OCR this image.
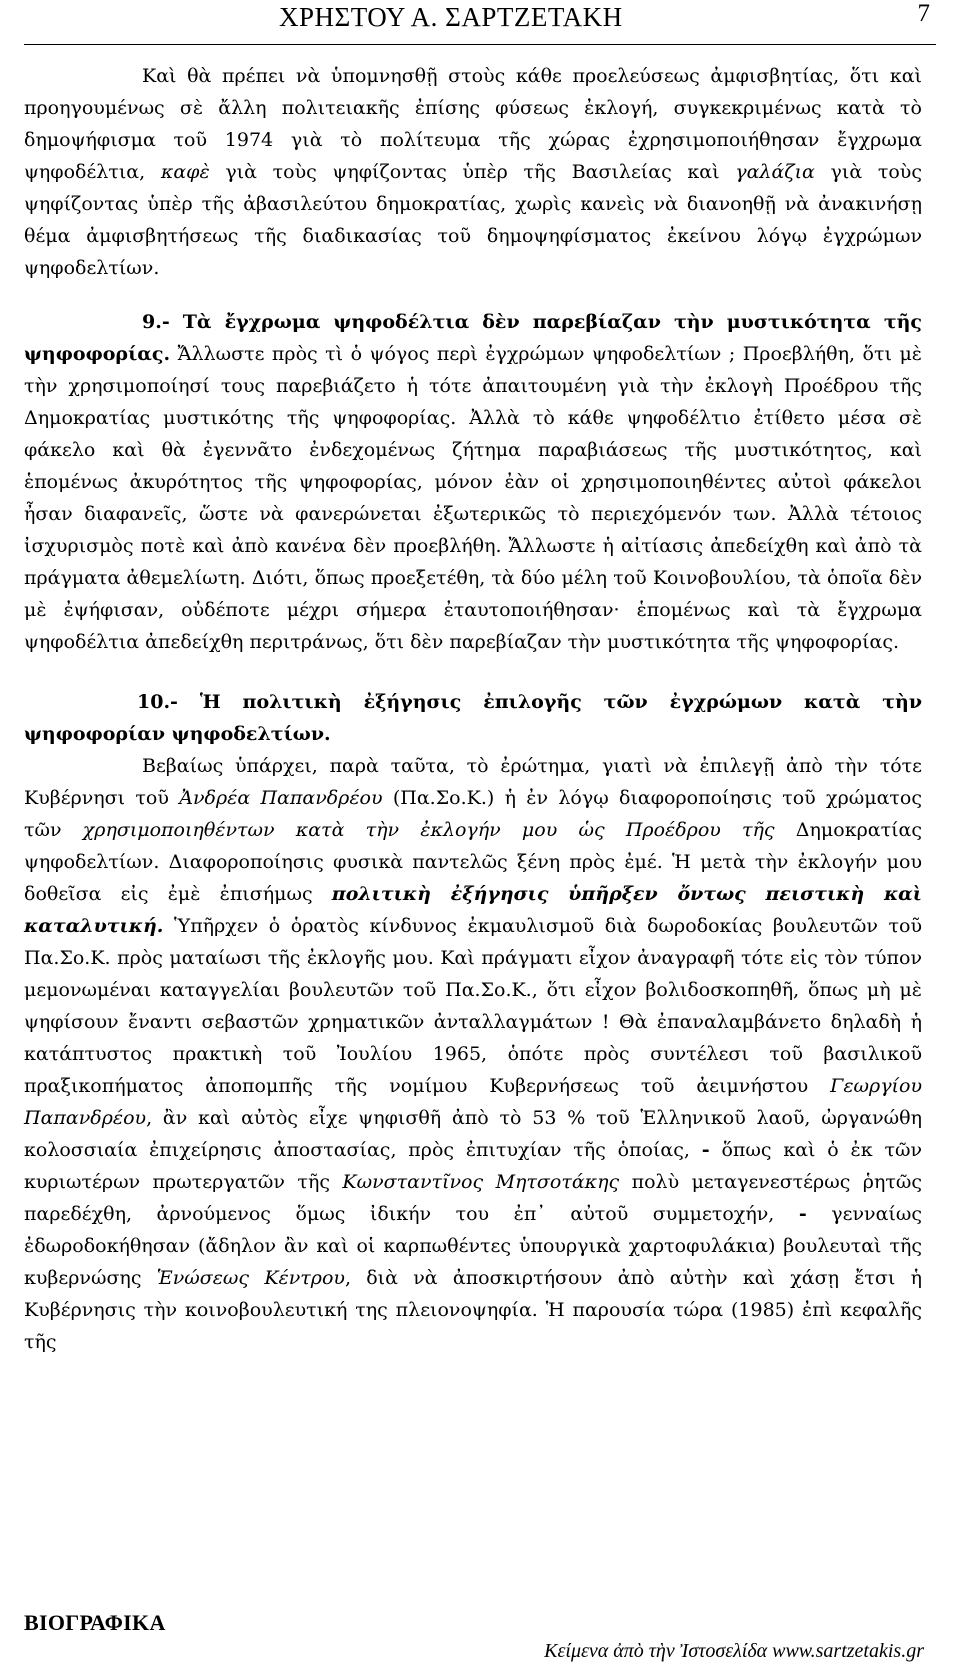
ΧΡΗΣΤΟΥ Α. ΣΑΡΤΖΕΤΑΚΗ	7

Καὶ θὰ πρέπει νὰ ὑπομνησθῇ στοὺς κάθε προελεύσεως ἀμφισβητίας, ὅτι καὶ προηγουμένως σὲ ἄλλη πολιτειακῆς ἐπίσης φύσεως ἐκλογή, συγκεκριμένως κατὰ τὸ δημοψήφισμα τοῦ 1974 γιὰ τὸ πολίτευμα τῆς χώρας ἐχρησιμοποιήθησαν ἔγχρωμα ψηφοδέλτια, καφὲ γιὰ τοὺς ψηφίζοντας ὑπὲρ τῆς Βασιλείας καὶ γαλάζια γιὰ τοὺς ψηφίζοντας ὑπὲρ τῆς ἀβασιλεύτου δημοκρατίας, χωρὶς κανεὶς νὰ διανοηθῇ νὰ ἀνακινήσῃ θέμα ἀμφισβητήσεως τῆς διαδικασίας τοῦ δημοψηφίσματος ἐκείνου λόγῳ ἐγχρώμων ψηφοδελτίων.

9.- Τὰ ἔγχρωμα ψηφοδέλτια δὲν παρεβίαζαν τὴν μυστικότητα τῆς ψηφοφορίας. Ἄλλωστε πρὸς τὶ ὁ ψόγος περὶ ἐγχρώμων ψηφοδελτίων ; Προεβλήθη, ὅτι μὲ τὴν χρησιμοποίησί τους παρεβιάζετο ἡ τότε ἀπαιτουμένη γιὰ τὴν ἐκλογὴ Προέδρου τῆς Δημοκρατίας μυστικότης τῆς ψηφοφορίας. Ἀλλὰ τὸ κάθε ψηφοδέλτιο ἐτίθετο μέσα σὲ φάκελο καὶ θὰ ἐγεννᾶτο ἐνδεχομένως ζήτημα παραβιάσεως τῆς μυστικότητος, καὶ ἑπομένως ἀκυρότητος τῆς ψηφοφορίας, μόνον ἐὰν οἱ χρησιμοποιηθέντες αὐτοὶ φάκελοι ἦσαν διαφανεῖς, ὥστε νὰ φανερώνεται ἐξωτερικῶς τὸ περιεχόμενόν των. Ἀλλὰ τέτοιος ἰσχυρισμὸς ποτὲ καὶ ἀπὸ κανένα δὲν προεβλήθη. Ἄλλωστε ἡ αἰτίασις ἀπεδείχθη καὶ ἀπὸ τὰ πράγματα ἀθεμελίωτη. Διότι, ὅπως προεξετέθη, τὰ δύο μέλη τοῦ Κοινοβουλίου, τὰ ὁποῖα δὲν μὲ ἐψήφισαν, οὐδέποτε μέχρι σήμερα ἐταυτοποιήθησαν· ἑπομένως καὶ τὰ ἔγχρωμα ψηφοδέλτια ἀπεδείχθη περιτράνως, ὅτι δὲν παρεβίαζαν τὴν μυστικότητα τῆς ψηφοφορίας.

10.- Ἡ πολιτικὴ ἐξήγησις ἐπιλογῆς τῶν ἐγχρώμων κατὰ τὴν ψηφοφορίαν ψηφοδελτίων.

Βεβαίως ὑπάρχει, παρὰ ταῦτα, τὸ ἐρώτημα, γιατὶ νὰ ἐπιλεγῇ ἀπὸ τὴν τότε Κυβέρνησι τοῦ Ἀνδρέα Παπανδρέου (Πα.Σο.Κ.) ἡ ἐν λόγῳ διαφοροποίησις τοῦ χρώματος τῶν χρησιμοποιηθέντων κατὰ τὴν ἐκλογήν μου ὡς Προέδρου τῆς Δημοκρατίας ψηφοδελτίων. Διαφοροποίησις φυσικὰ παντελῶς ξένη πρὸς ἐμέ. Ἡ μετὰ τὴν ἐκλογήν μου δοθεῖσα εἰς ἐμὲ ἐπισήμως πολιτικὴ ἐξήγησις ὑπῆρξεν ὄντως πειστικὴ καὶ καταλυτική. Ὑπῆρχεν ὁ ὁρατὸς κίνδυνος ἐκμαυλισμοῦ διὰ δωροδοκίας βουλευτῶν τοῦ Πα.Σο.Κ. πρὸς ματαίωσι τῆς ἐκλογῆς μου. Καὶ πράγματι εἶχον ἀναγραφῆ τότε εἰς τὸν τύπον μεμονωμέναι καταγγελίαι βουλευτῶν τοῦ Πα.Σο.Κ., ὅτι εἶχον βολιδοσκοπηθῆ, ὅπως μὴ μὲ ψηφίσουν ἔναντι σεβαστῶν χρηματικῶν ἀνταλλαγμάτων ! Θὰ ἐπαναλαμβάνετο δηλαδὴ ἡ κατάπτυστος πρακτικὴ τοῦ Ἰουλίου 1965, ὁπότε πρὸς συντέλεσι τοῦ βασιλικοῦ πραξικοπήματος ἀποπομπῆς τῆς νομίμου Κυβερνήσεως τοῦ ἀειμνήστου Γεωργίου Παπανδρέου, ἂν καὶ αὐτὸς εἶχε ψηφισθῆ ἀπὸ τὸ 53 % τοῦ Ἑλληνικοῦ λαοῦ, ὠργανώθη κολοσσιαία ἐπιχείρησις ἀποστασίας, πρὸς ἐπιτυχίαν τῆς ὁποίας, - ὅπως καὶ ὁ ἐκ τῶν κυριωτέρων πρωτεργατῶν τῆς Κωνσταντῖνος Μητσοτάκης πολὺ μεταγενεστέρως ῥητῶς παρεδέχθη, ἀρνούμενος ὅμως ἰδικήν του ἐπ᾽ αὐτοῦ συμμετοχήν, - γενναίως ἐδωροδοκήθησαν (ἄδηλον ἂν καὶ οἱ καρπωθέντες ὑπουργικὰ χαρτοφυλάκια) βουλευταὶ τῆς κυβερνώσης Ἑνώσεως Κέντρου, διὰ νὰ ἀποσκιρτήσουν ἀπὸ αὐτὴν καὶ χάσῃ ἔτσι ἡ Κυβέρνησις τὴν κοινοβουλευτική της πλειονοψηφία. Ἡ παρουσία τώρα (1985) ἐπὶ κεφαλῆς τῆς

ΒΙΟΓΡΑΦΙΚΑ
Κείμενα ἀπὸ τὴν Ἰστοσελίδα www.sartzetakis.gr
